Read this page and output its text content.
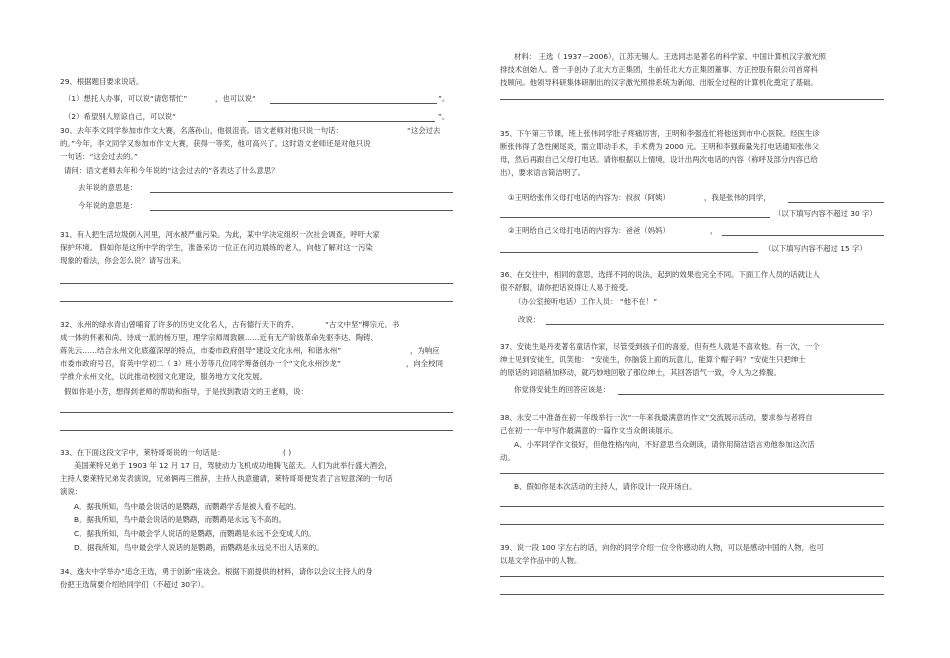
29、根据题目要求说话。
（1）想托人办事，可以说“请您帮忙”	，也可以说“	”。
（2）希望别人原谅自己，可以说“	”。
30、去年李文同学参加市作文大赛，名落孙山，他很沮丧。语文老师对他只说一句话：	“这会过去
的。”今年，李文同学又参加市作文大赛，获得一等奖，他可高兴了。这时语文老师还是对他只说
一句话：“这会过去的。”
请问：语文老师去年和今年说的“这会过去的”各表达了什么意思？
去年说的意思是：
今年说的意思是：
31、有人把生活垃圾倒入河里，河水被严重污染。为此，某中学决定组织一次社会调查，呼吁大家
保护环境。 假如你是这所中学的学生，准备采访一位正在河边晨练的老人，向他了解对这一污染
现象的看法，你会怎么说？请写出来。
32、永州的绿水青山曾哺育了许多的历史文化名人，古有德行天下的乔、	“古文中坚”柳宗元、书
成一体的怀素和尚、诗成一派的杨万里，理学宗师周敦颐……近有无产阶级革命先驱李达、陶铸、
蒋先云……结合永州文化底蕴深厚的特点，市委市政府倡导“建设文化永州，和谐永州”	，为响应
市委市政府号召，育英中学初二（ 3）班小芳等几位同学筹备创办一个“文化永州沙龙”	，向全校同
学推介永州文化，以此推动校园文化建设，服务地方文化发展。
假如你是小芳，想得到老师的帮助和指导，于是找到教语文的王老师，说：
33、在下面这段文字中，莱特哥哥说的一句话是：	( )
美国莱特兄弟于 1903 年 12 月 17 日，驾驶动力飞机成功地腾飞蓝天。人们为此举行盛大酒会，
主持人要莱特兄弟发表演说，兄弟俩再三推辞，主持人执意邀请，莱特哥哥便发表了言短意深的一句话
演说：
A．据我所知，鸟中最会说话的是鹦鹉，而鹦鹉学舌是被人看不起的。
B．据我所知，鸟中最会说话的是鹦鹉，而鹦鹉是永远飞不高的。
C．据我所知，鸟中最会学人说话的是鹦鹉，而鹦鹉是永远不会变成人的。
D．据我所知，鸟中最会学人说话的是鹦鹉，而鹦鹉是永远兑不出人话来的。
34、逸夫中学举办“追念王选，勇于创新”座谈会。根据下面提供的材料，请你以会议主持人的身
份把王选简要介绍给同学们（不超过 30字）。
材料： 王选（ 1937－2006），江苏无锡人。王选同志是著名的科学家、中国计算机汉字激光照
排技术创始人。曾一手创办了北大方正集团，生前任北大方正集团董事、方正控股有限公司首席科
技顾问。他领导科研集体研制出的汉字激光照排系统为新闻、出版全过程的计算机化奠定了基础。
35、下午第三节课，班上张伟同学肚子疼痛厉害，王明和李强连忙将他送到市中心医院。经医生诊
断张伟得了急性阑尾炎，需立即动手术，手术费为 2000 元。王明和李强商量先打电话通知张伟父
母，然后再跟自己父母打电话。请你根据以上情境，设计出两次电话的内容（称呼及部分内容已给
出），要求语言简洁明了。
①王明给张伟父母打电话的内容为：叔叔（阿姨）	，我是张伟的同学，
（以下填写内容不超过 30 字）
②王明给自己父母打电话的内容为：爸爸（妈妈）	，
（以下填写内容不超过 15 字）
36、在交往中，相同的意思，选择不同的说法，起到的效果也完全不同。下面工作人员的话就让人
很不舒服，请你把话说得让人易于接受。
（办公室接听电话）工作人员： “他不在！”
改说：
37、安徒生是丹麦著名童话作家，尽管受到孩子们的喜爱，但有些人就是不喜欢他。有一次，一个
绅士见到安徒生，讥笑他： “安徒生，你脑袋上面的玩意儿，能算个帽子吗？”安徒生只把绅士
的原话的词语稍加移动，就巧妙地回敬了那位绅士，其回答语气一致，令人为之捧腹。
你觉得安徒生的回答应该是：
38、永安二中准备在初一年级举行一次“一年来我最满意的作文”交流展示活动，要求参与者将自
己在初一一年中写作最满意的一篇作文当众朗读展示。
A、小军同学作文很好，但他性格内向，不好意思当众朗读，请你用简洁语言劝他参加这次活
动。
B、假如你是本次活动的主持人，请你设计一段开场白。
39、说一段 100 字左右的话，向你的同学介绍一位令你感动的人物，可以是感动中国的人物，也可
以是文学作品中的人物。
